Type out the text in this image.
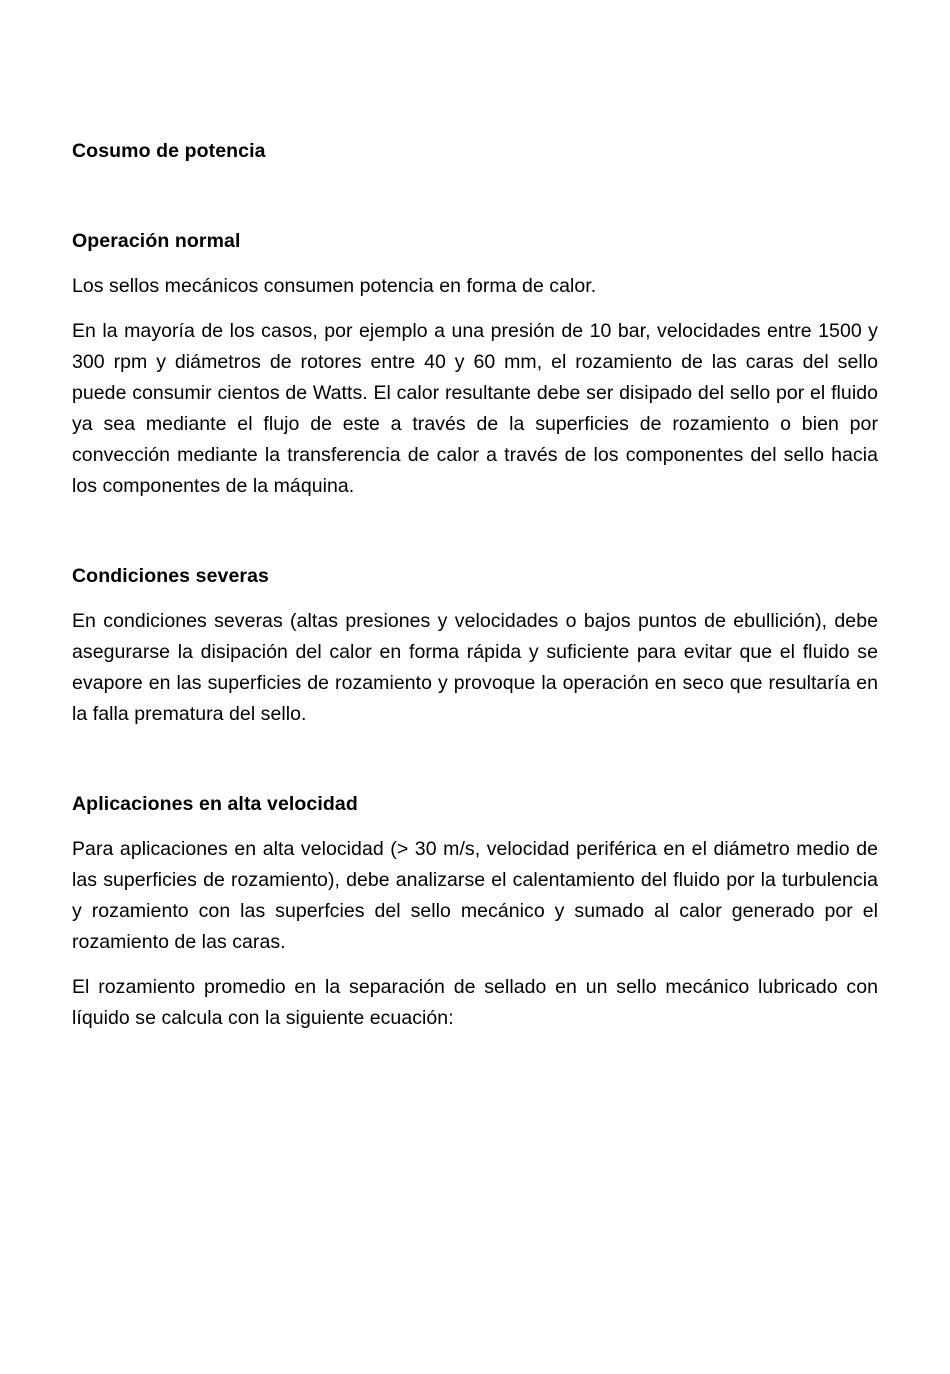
Cosumo de potencia
Operación normal

Los sellos mecánicos consumen potencia en forma de calor.

En la mayoría de los casos, por ejemplo a una presión de 10 bar, velocidades entre 1500 y 300 rpm y diámetros de rotores entre 40 y 60 mm, el rozamiento de las caras del sello puede consumir cientos de Watts. El calor resultante debe ser disipado del sello por el fluido ya sea mediante el flujo de este a través de la superficies de rozamiento o bien por convección mediante la transferencia de calor a través de los componentes del sello hacia los componentes de la máquina.

Condiciones severas

En condiciones severas (altas presiones y velocidades o bajos puntos de ebullición), debe asegurarse la disipación del calor en forma rápida y suficiente para evitar que el fluido se evapore en las superficies de rozamiento y provoque la operación en seco que resultaría en la falla prematura del sello.

Aplicaciones en alta velocidad

Para aplicaciones en alta velocidad (> 30 m/s, velocidad periférica en el diámetro medio de las superficies de rozamiento), debe analizarse el calentamiento del fluido por la turbulencia y rozamiento con las superfcies del sello mecánico y sumado al calor generado por el rozamiento de las caras.

El rozamiento promedio en la separación de sellado en un sello mecánico lubricado con líquido se calcula con la siguiente ecuación:
